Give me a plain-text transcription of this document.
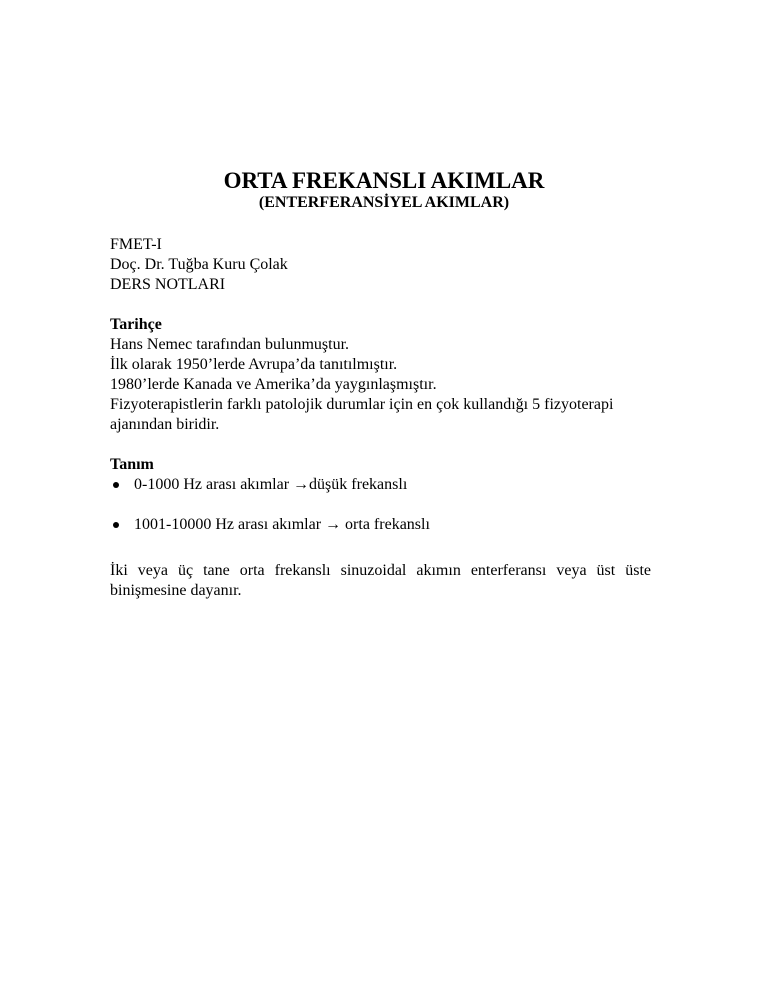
ORTA FREKANSLI AKIMLAR
(ENTERFERANSİYEL AKIMLAR)
FMET-I
Doç. Dr. Tuğba Kuru Çolak
DERS NOTLARI
Tarihçe
Hans Nemec tarafından bulunmuştur.
İlk olarak 1950’lerde Avrupa’da tanıtılmıştır.
1980’lerde Kanada ve Amerika’da yaygınlaşmıştır.
Fizyoterapistlerin farklı patolojik durumlar için en çok kullandığı 5 fizyoterapi
ajanından biridir.
Tanım
0-1000 Hz arası akımlar →düşük frekanslı
1001-10000 Hz arası akımlar → orta frekanslı
İki veya üç tane orta frekanslı sinuzoidal akımın enterferansı veya üst üste
binişmesine dayanır.
